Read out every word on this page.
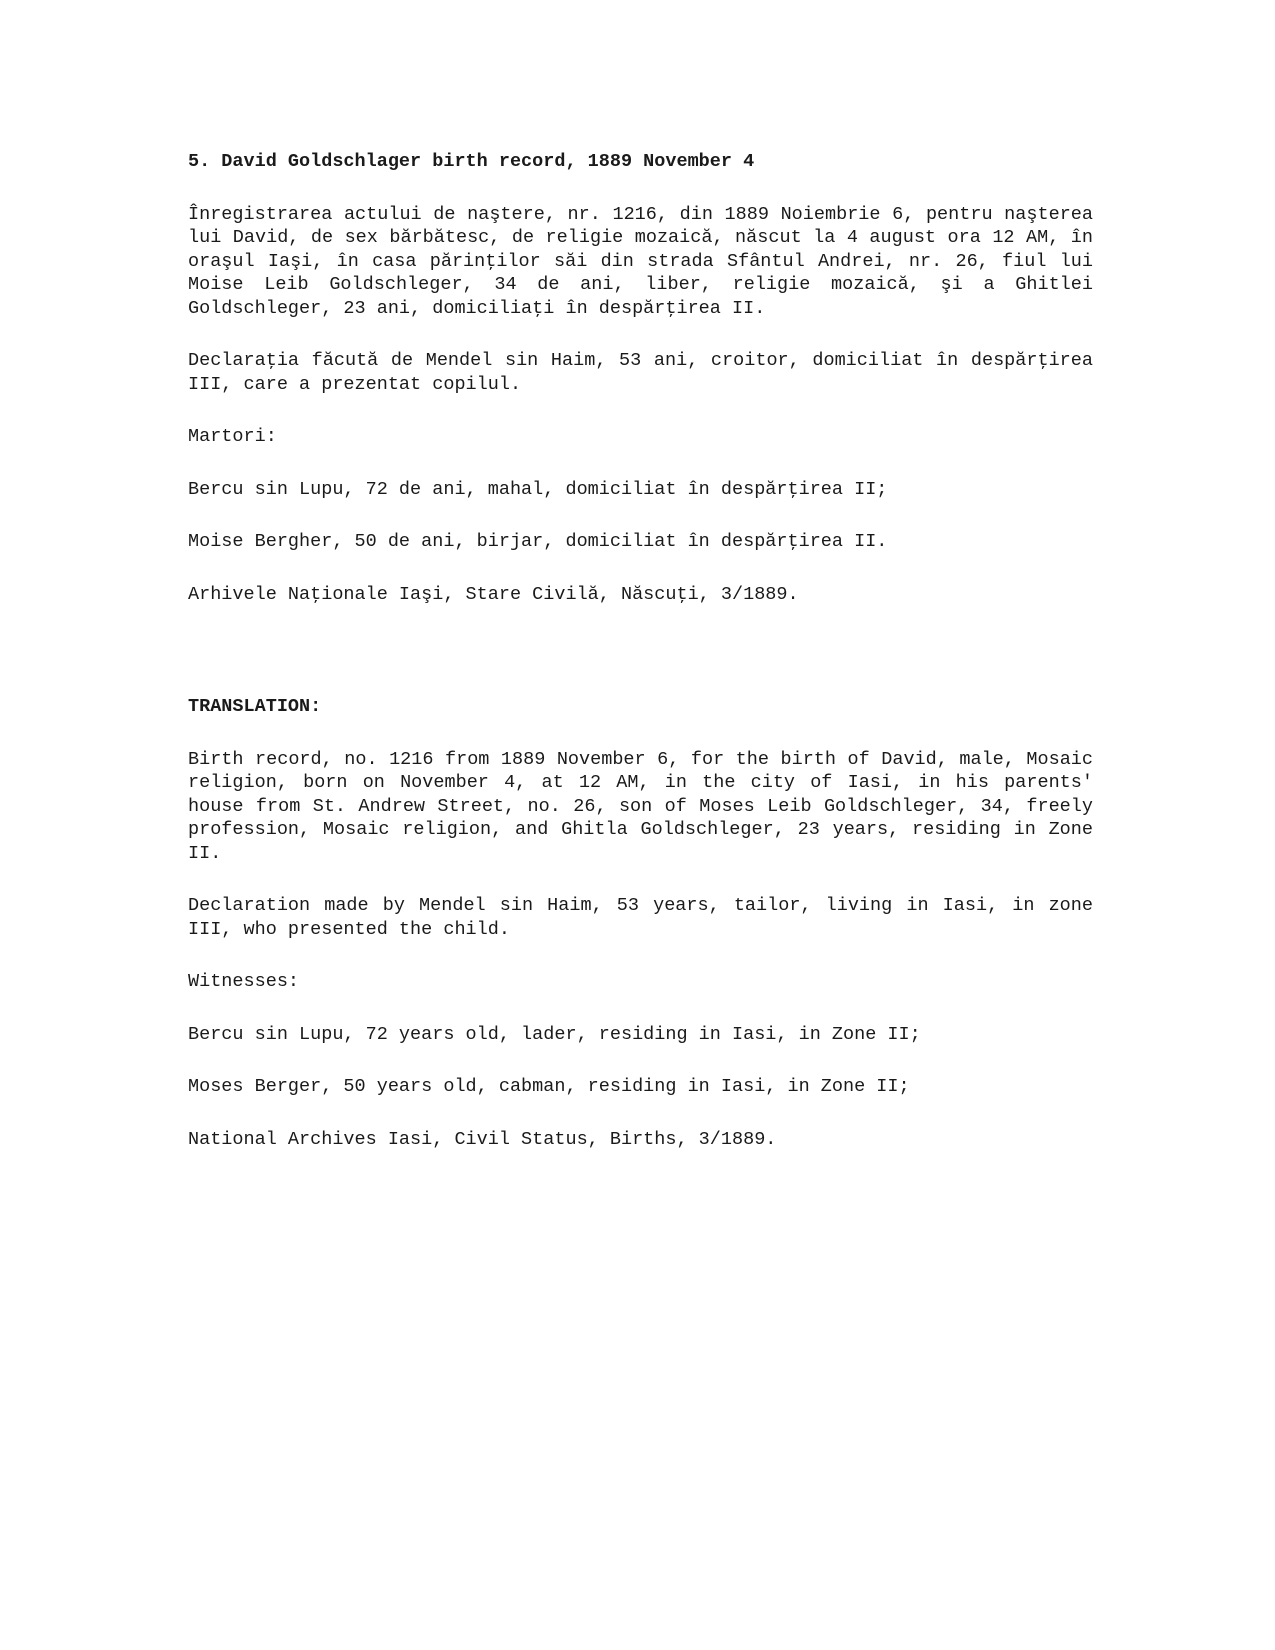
5. David Goldschlager birth record, 1889 November 4
Înregistrarea actului de naştere, nr. 1216, din 1889 Noiembrie 6, pentru naşterea lui David, de sex bărbătesc, de religie mozaică, născut la 4 august ora 12 AM, în oraşul Iaşi, în casa părinţilor săi din strada Sfântul Andrei, nr. 26, fiul lui Moise Leib Goldschleger, 34 de ani, liber, religie mozaică, şi a Ghitlei Goldschleger, 23 ani, domiciliaţi în despărţirea II.
Declaraţia făcută de Mendel sin Haim, 53 ani, croitor, domiciliat în despărţirea III, care a prezentat copilul.
Martori:
Bercu sin Lupu, 72 de ani, mahal, domiciliat în despărţirea II;
Moise Bergher, 50 de ani, birjar, domiciliat în despărţirea II.
Arhivele Naţionale Iaşi, Stare Civilă, Născuţi, 3/1889.
TRANSLATION:
Birth record, no. 1216 from 1889 November 6, for the birth of David, male, Mosaic religion, born on November 4, at 12 AM, in the city of Iasi, in his parents' house from St. Andrew Street, no. 26, son of Moses Leib Goldschleger, 34, freely profession, Mosaic religion, and Ghitla Goldschleger, 23 years, residing in Zone II.
Declaration made by Mendel sin Haim, 53 years, tailor, living in Iasi, in zone III, who presented the child.
Witnesses:
Bercu sin Lupu, 72 years old, lader, residing in Iasi, in Zone II;
Moses Berger, 50 years old, cabman, residing in Iasi, in Zone II;
National Archives Iasi, Civil Status, Births, 3/1889.
